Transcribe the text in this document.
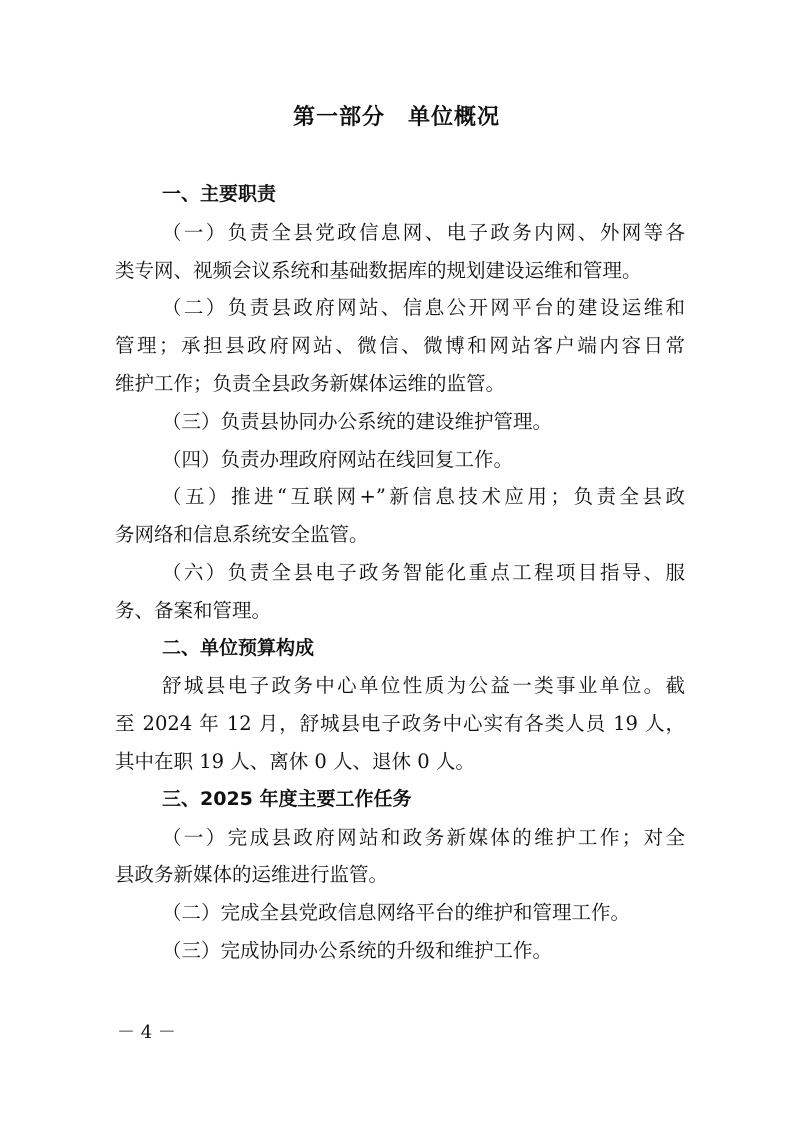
第一部分　单位概况
一、主要职责
（一）负责全县党政信息网、电子政务内网、外网等各
类专网、视频会议系统和基础数据库的规划建设运维和管理。
（二）负责县政府网站、信息公开网平台的建设运维和
管理；承担县政府网站、微信、微博和网站客户端内容日常
维护工作；负责全县政务新媒体运维的监管。
（三）负责县协同办公系统的建设维护管理。
（四）负责办理政府网站在线回复工作。
（五）推进“互联网+”新信息技术应用；负责全县政
务网络和信息系统安全监管。
（六）负责全县电子政务智能化重点工程项目指导、服
务、备案和管理。
二、单位预算构成
舒城县电子政务中心单位性质为公益一类事业单位。截
至 2024 年 12 月，舒城县电子政务中心实有各类人员 19 人，
其中在职 19 人、离休 0 人、退休 0 人。
三、2025 年度主要工作任务
（一）完成县政府网站和政务新媒体的维护工作；对全
县政务新媒体的运维进行监管。
（二）完成全县党政信息网络平台的维护和管理工作。
（三）完成协同办公系统的升级和维护工作。
－ 4 －
